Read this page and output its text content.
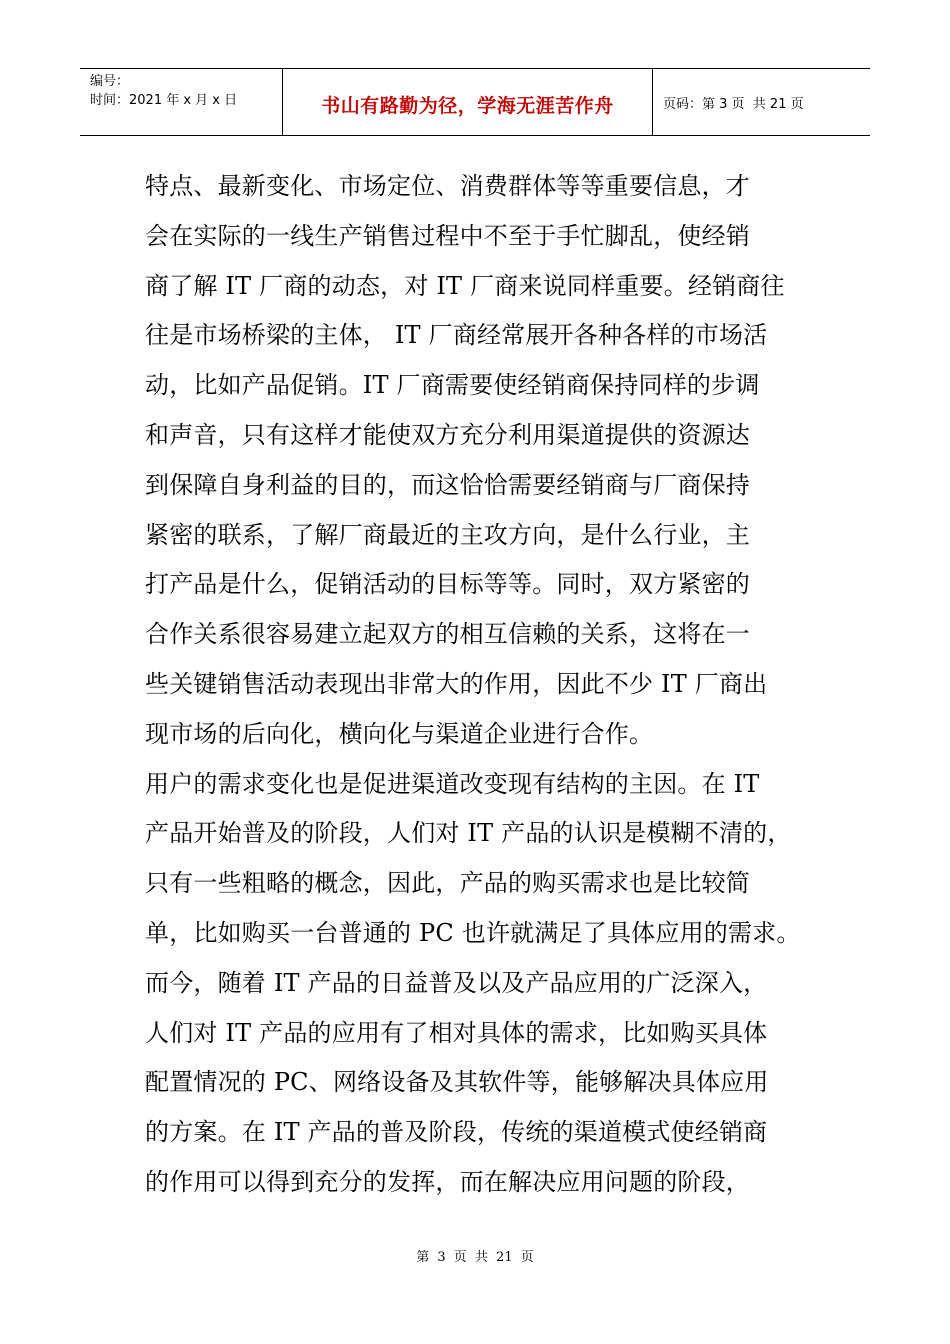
编号：
时间：2021 年 x 月 x 日	书山有路勤为径，学海无涯苦作舟	页码：第 3 页  共 21 页
特点、最新变化、市场定位、消费群体等等重要信息，才
会在实际的一线生产销售过程中不至于手忙脚乱，使经销
商了解 IT 厂商的动态，对 IT 厂商来说同样重要。经销商往
往是市场桥梁的主体， IT 厂商经常展开各种各样的市场活
动，比如产品促销。IT 厂商需要使经销商保持同样的步调
和声音，只有这样才能使双方充分利用渠道提供的资源达
到保障自身利益的目的，而这恰恰需要经销商与厂商保持
紧密的联系，了解厂商最近的主攻方向，是什么行业，主
打产品是什么，促销活动的目标等等。同时，双方紧密的
合作关系很容易建立起双方的相互信赖的关系，这将在一
些关键销售活动表现出非常大的作用，因此不少 IT 厂商出
现市场的后向化，横向化与渠道企业进行合作。
用户的需求变化也是促进渠道改变现有结构的主因。在 IT
产品开始普及的阶段，人们对 IT 产品的认识是模糊不清的，
只有一些粗略的概念，因此，产品的购买需求也是比较简
单，比如购买一台普通的 PC 也许就满足了具体应用的需求。
而今，随着 IT 产品的日益普及以及产品应用的广泛深入，
人们对 IT 产品的应用有了相对具体的需求，比如购买具体
配置情况的 PC、网络设备及其软件等，能够解决具体应用
的方案。在 IT 产品的普及阶段，传统的渠道模式使经销商
的作用可以得到充分的发挥，而在解决应用问题的阶段，
第 3 页 共 21 页
